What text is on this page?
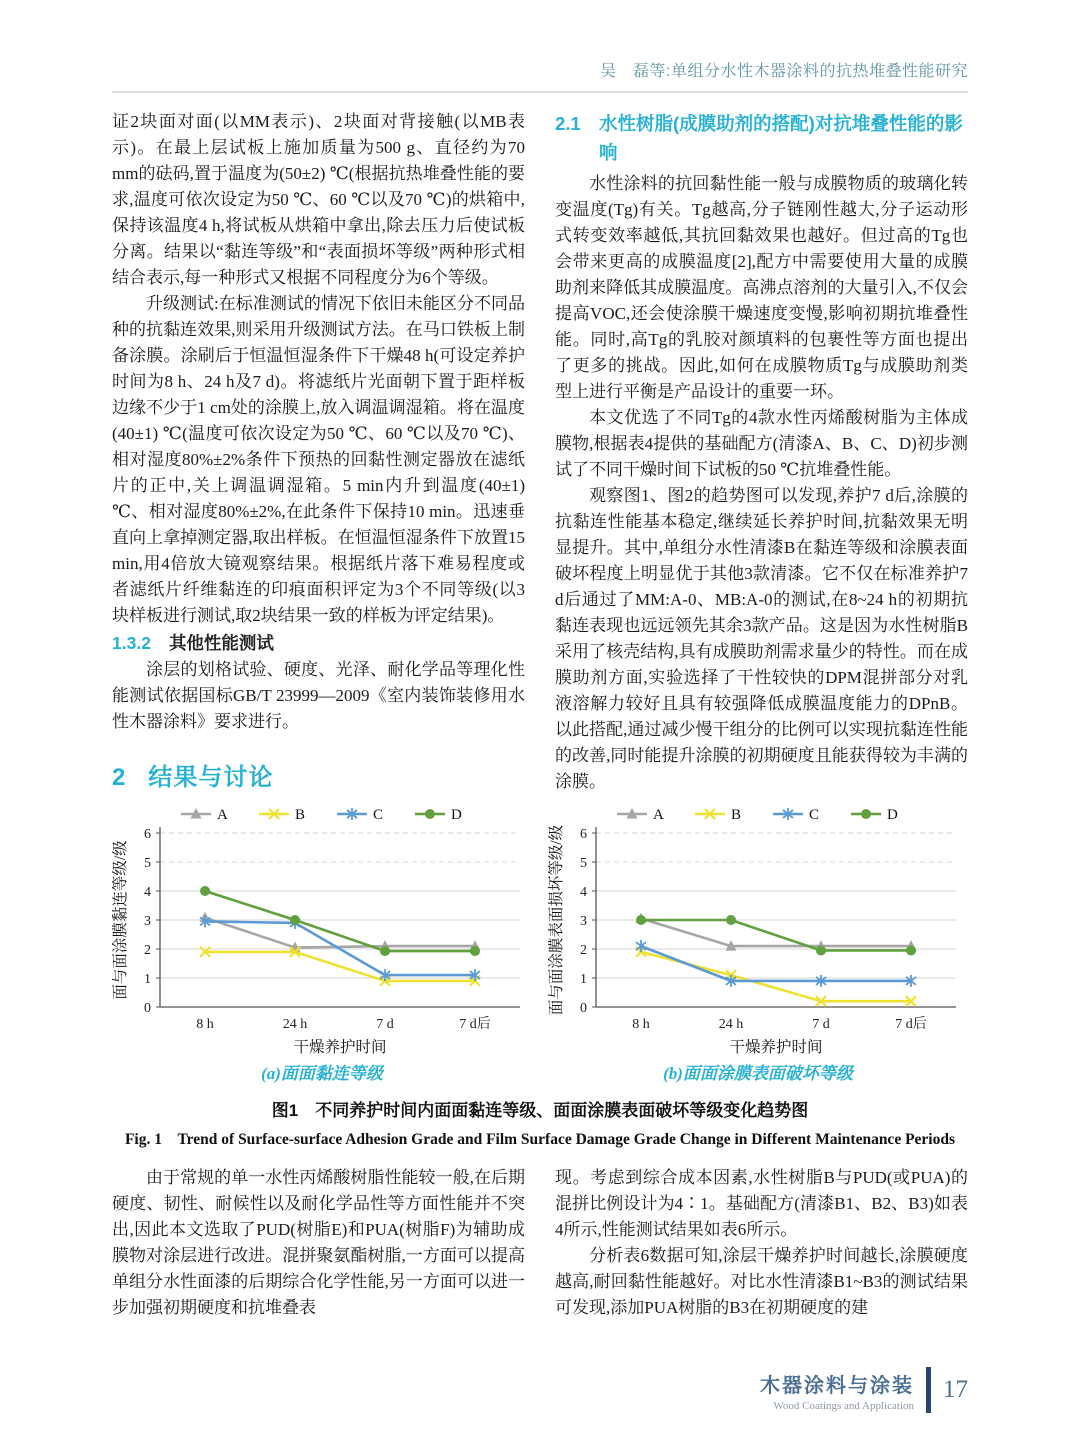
吴　磊等:单组分水性木器涂料的抗热堆叠性能研究

证2块面对面(以MM表示)、2块面对背接触(以MB表示)。在最上层试板上施加质量为500 g、直径约为70 mm的砝码,置于温度为(50±2) ℃(根据抗热堆叠性能的要求,温度可依次设定为50 ℃、60 ℃以及70 ℃)的烘箱中,保持该温度4 h,将试板从烘箱中拿出,除去压力后使试板分离。结果以“黏连等级”和“表面损坏等级”两种形式相结合表示,每一种形式又根据不同程度分为6个等级。

升级测试:在标准测试的情况下依旧未能区分不同品种的抗黏连效果,则采用升级测试方法。在马口铁板上制备涂膜。涂刷后于恒温恒湿条件下干燥48 h(可设定养护时间为8 h、24 h及7 d)。将滤纸片光面朝下置于距样板边缘不少于1 cm处的涂膜上,放入调温调湿箱。将在温度(40±1) ℃(温度可依次设定为50 ℃、60 ℃以及70 ℃)、相对湿度80%±2%条件下预热的回黏性测定器放在滤纸片的正中,关上调温调湿箱。5 min内升到温度(40±1) ℃、相对湿度80%±2%,在此条件下保持10 min。迅速垂直向上拿掉测定器,取出样板。在恒温恒湿条件下放置15 min,用4倍放大镜观察结果。根据纸片落下难易程度或者滤纸片纤维黏连的印痕面积评定为3个不同等级(以3块样板进行测试,取2块结果一致的样板为评定结果)。

1.3.2 其他性能测试

涂层的划格试验、硬度、光泽、耐化学品等理化性能测试依据国标GB/T 23999—2009《室内装饰装修用水性木器涂料》要求进行。

2 结果与讨论
2.1 水性树脂(成膜助剂的搭配)对抗堆叠性能的影响

水性涂料的抗回黏性能一般与成膜物质的玻璃化转变温度(Tg)有关。Tg越高,分子链刚性越大,分子运动形式转变效率越低,其抗回黏效果也越好。但过高的Tg也会带来更高的成膜温度[2],配方中需要使用大量的成膜助剂来降低其成膜温度。高沸点溶剂的大量引入,不仅会提高VOC,还会使涂膜干燥速度变慢,影响初期抗堆叠性能。同时,高Tg的乳胶对颜填料的包裹性等方面也提出了更多的挑战。因此,如何在成膜物质Tg与成膜助剂类型上进行平衡是产品设计的重要一环。

本文优选了不同Tg的4款水性丙烯酸树脂为主体成膜物,根据表4提供的基础配方(清漆A、B、C、D)初步测试了不同干燥时间下试板的50 ℃抗堆叠性能。

观察图1、图2的趋势图可以发现,养护7 d后,涂膜的抗黏连性能基本稳定,继续延长养护时间,抗黏效果无明显提升。其中,单组分水性清漆B在黏连等级和涂膜表面破坏程度上明显优于其他3款清漆。它不仅在标准养护7 d后通过了MM:A-0、MB:A-0的测试,在8~24 h的初期抗黏连表现也远远领先其余3款产品。这是因为水性树脂B采用了核壳结构,具有成膜助剂需求量少的特性。而在成膜助剂方面,实验选择了干性较快的DPM混拼部分对乳液溶解力较好且具有较强降低成膜温度能力的DPnB。以此搭配,通过减少慢干组分的比例可以实现抗黏连性能的改善,同时能提升涂膜的初期硬度且能获得较为丰满的涂膜。

0
1
2
3
4
5
6
8 h	24 h	7 d	7 d后
干燥养护时间
面与面涂膜黏连等级/级
A	B	C	D
(a)面面黏连等级
0
1
2
3
4
5
6
8 h	24 h	7 d	7 d后
干燥养护时间
面与面涂膜表面损坏等级/级
A	B	C	D
(b)面面涂膜表面破坏等级
图1　不同养护时间内面面黏连等级、面面涂膜表面破坏等级变化趋势图
Fig. 1　Trend of Surface-surface Adhesion Grade and Film Surface Damage Grade Change in Different Maintenance Periods

由于常规的单一水性丙烯酸树脂性能较一般,在后期硬度、韧性、耐候性以及耐化学品性等方面性能并不突出,因此本文选取了PUD(树脂E)和PUA(树脂F)为辅助成膜物对涂层进行改进。混拼聚氨酯树脂,一方面可以提高单组分水性面漆的后期综合化学性能,另一方面可以进一步加强初期硬度和抗堆叠表

现。考虑到综合成本因素,水性树脂B与PUD(或PUA)的混拼比例设计为4∶1。基础配方(清漆B1、B2、B3)如表4所示,性能测试结果如表6所示。

分析表6数据可知,涂层干燥养护时间越长,涂膜硬度越高,耐回黏性能越好。对比水性清漆B1~B3的测试结果可发现,添加PUA树脂的B3在初期硬度的建

木器涂料与涂装
Wood Coatings and Application
17
